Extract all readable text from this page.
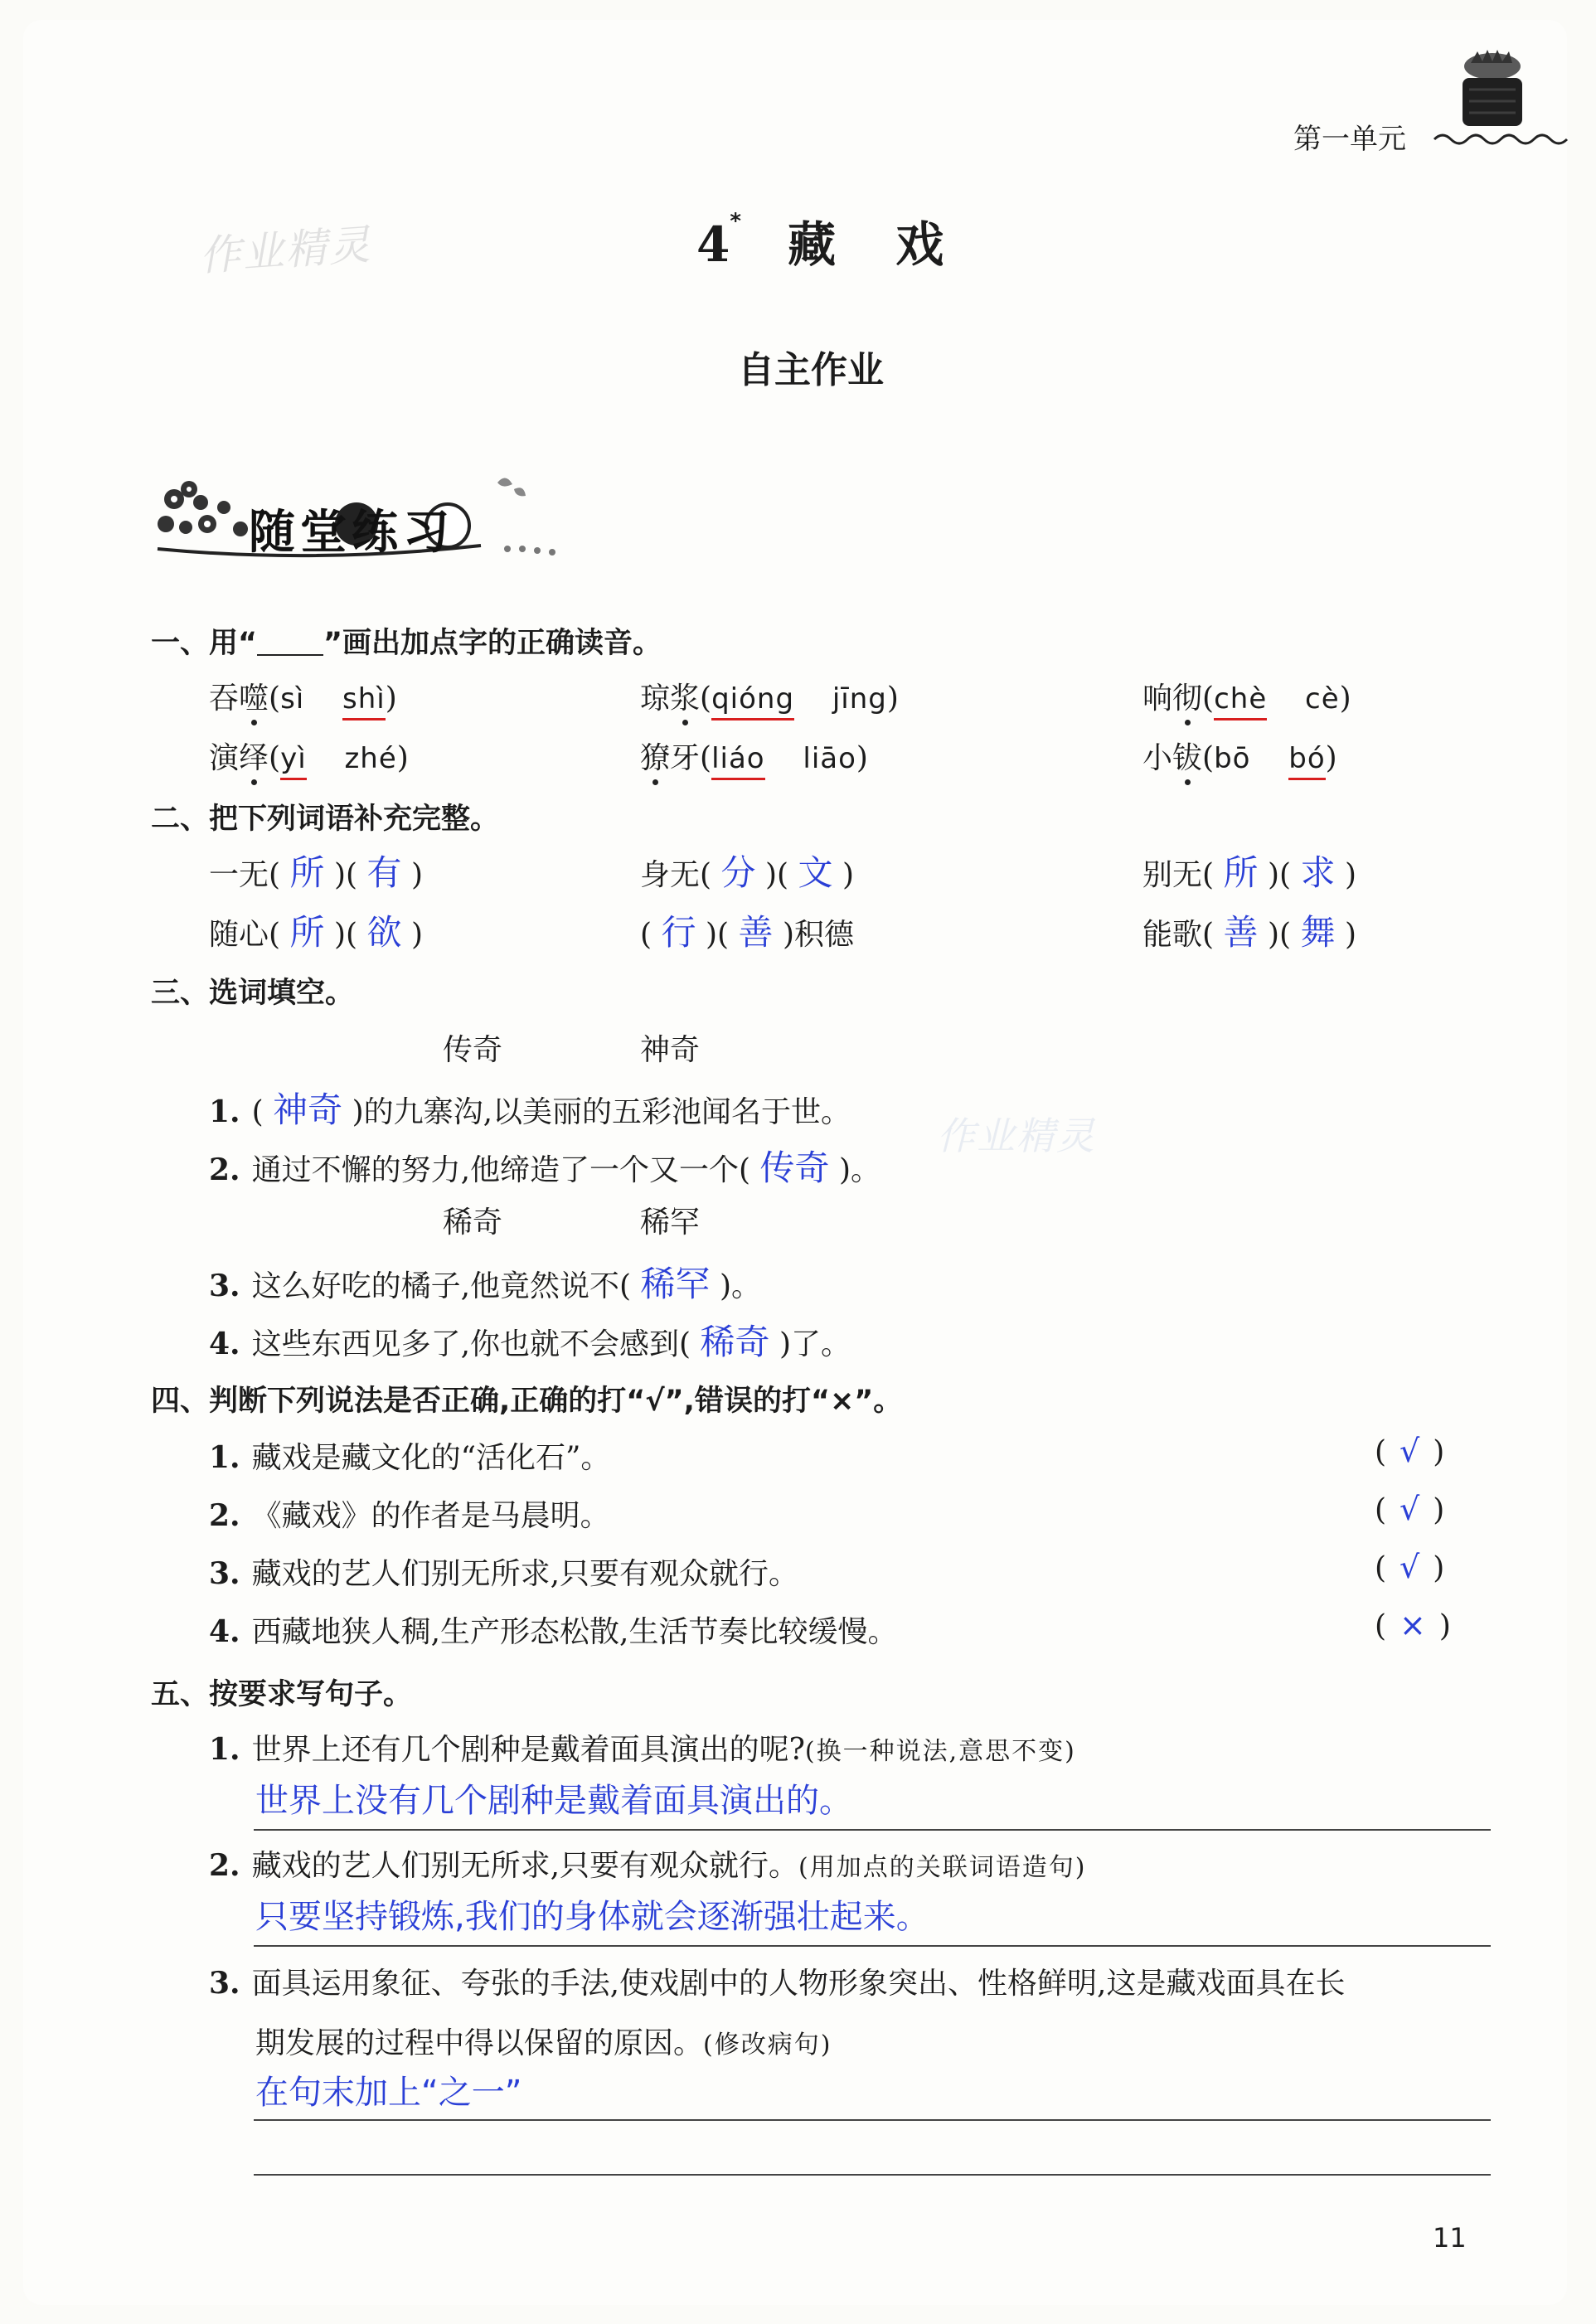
第一单元
作业精灵
作业精灵
4* 藏 戏
自主作业
随堂练习
一、用“ ”画出加点字的正确读音。
吞噬(sì shì)	琼浆(qióng jīng)	响彻(chè cè)
演绎(yì zhé)	獠牙(liáo liāo)	小钹(bō bó)
二、把下列词语补充完整。
一无( 所 )( 有 )	身无( 分 )( 文 )	别无( 所 )( 求 )
随心( 所 )( 欲 )	( 行 )( 善 )积德	能歌( 善 )( 舞 )
三、选词填空。
传奇	神奇
1. ( 神奇 )的九寨沟,以美丽的五彩池闻名于世。
2. 通过不懈的努力,他缔造了一个又一个( 传奇 )。
稀奇	稀罕
3. 这么好吃的橘子,他竟然说不( 稀罕 )。
4. 这些东西见多了,你也就不会感到( 稀奇 )了。
四、判断下列说法是否正确,正确的打“√”,错误的打“×”。
1. 藏戏是藏文化的“活化石”。	( √ )
2. 《藏戏》的作者是马晨明。	( √ )
3. 藏戏的艺人们别无所求,只要有观众就行。	( √ )
4. 西藏地狭人稠,生产形态松散,生活节奏比较缓慢。	( × )
五、按要求写句子。
1. 世界上还有几个剧种是戴着面具演出的呢?(换一种说法,意思不变)
世界上没有几个剧种是戴着面具演出的。
2. 藏戏的艺人们别无所求,只要有观众就行。(用加点的关联词语造句)
只要坚持锻炼,我们的身体就会逐渐强壮起来。
3. 面具运用象征、夸张的手法,使戏剧中的人物形象突出、性格鲜明,这是藏戏面具在长
期发展的过程中得以保留的原因。(修改病句)
在句末加上“之一”
11
